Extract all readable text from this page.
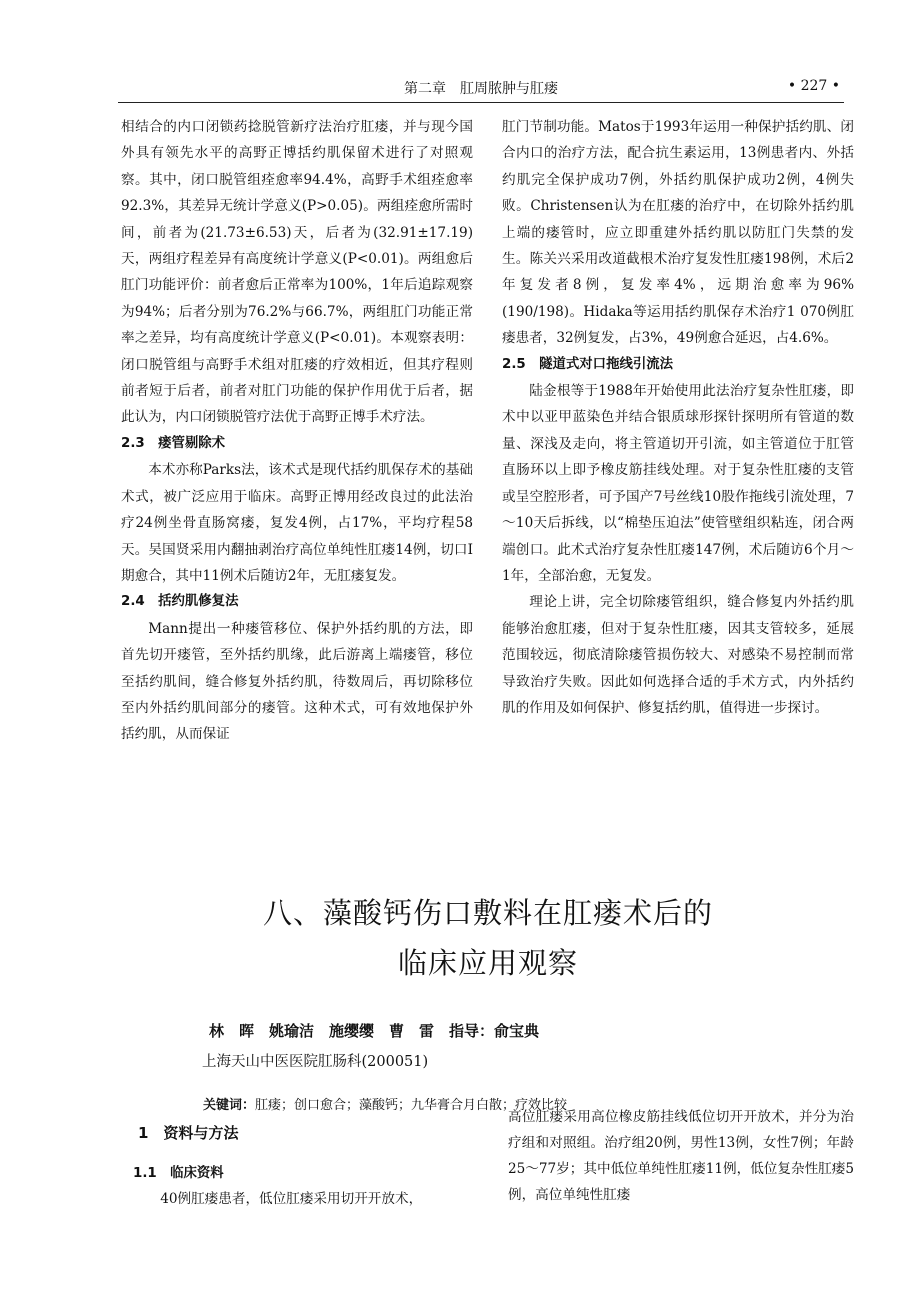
第二章　肛周脓肿与肛瘘	• 227 •

相结合的内口闭锁药捻脱管新疗法治疗肛瘘，并与现今国外具有领先水平的高野正博括约肌保留术进行了对照观察。其中，闭口脱管组痊愈率94.4%，高野手术组痊愈率92.3%，其差异无统计学意义(P>0.05)。两组痊愈所需时间，前者为(21.73±6.53)天，后者为(32.91±17.19)天，两组疗程差异有高度统计学意义(P<0.01)。两组愈后肛门功能评价：前者愈后正常率为100%，1年后追踪观察为94%；后者分别为76.2%与66.7%，两组肛门功能正常率之差异，均有高度统计学意义(P<0.01)。本观察表明：闭口脱管组与高野手术组对肛瘘的疗效相近，但其疗程则前者短于后者，前者对肛门功能的保护作用优于后者，据此认为，内口闭锁脱管疗法优于高野正博手术疗法。

2.3　瘘管剔除术

本术亦称Parks法，该术式是现代括约肌保存术的基础术式，被广泛应用于临床。高野正博用经改良过的此法治疗24例坐骨直肠窝瘘，复发4例，占17%，平均疗程58天。吴国贤采用内翻抽剥治疗高位单纯性肛瘘14例，切口Ⅰ期愈合，其中11例术后随访2年，无肛瘘复发。

2.4　括约肌修复法

Mann提出一种瘘管移位、保护外括约肌的方法，即首先切开瘘管，至外括约肌缘，此后游离上端瘘管，移位至括约肌间，缝合修复外括约肌，待数周后，再切除移位至内外括约肌间部分的瘘管。这种术式，可有效地保护外括约肌，从而保证

肛门节制功能。Matos于1993年运用一种保护括约肌、闭合内口的治疗方法，配合抗生素运用，13例患者内、外括约肌完全保护成功7例，外括约肌保护成功2例，4例失败。Christensen认为在肛瘘的治疗中，在切除外括约肌上端的瘘管时，应立即重建外括约肌以防肛门失禁的发生。陈关兴采用改道截根术治疗复发性肛瘘198例，术后2年复发者8例，复发率4%，远期治愈率为96%(190/198)。Hidaka等运用括约肌保存术治疗1 070例肛瘘患者，32例复发，占3%，49例愈合延迟，占4.6%。

2.5　隧道式对口拖线引流法

陆金根等于1988年开始使用此法治疗复杂性肛瘘，即术中以亚甲蓝染色并结合银质球形探针探明所有管道的数量、深浅及走向，将主管道切开引流，如主管道位于肛管直肠环以上即予橡皮筋挂线处理。对于复杂性肛瘘的支管或呈空腔形者，可予国产7号丝线10股作拖线引流处理，7～10天后拆线，以“棉垫压迫法”使管壁组织粘连，闭合两端创口。此术式治疗复杂性肛瘘147例，术后随访6个月～1年，全部治愈，无复发。

理论上讲，完全切除瘘管组织，缝合修复内外括约肌能够治愈肛瘘，但对于复杂性肛瘘，因其支管较多，延展范围较远，彻底清除瘘管损伤较大、对感染不易控制而常导致治疗失败。因此如何选择合适的手术方式，内外括约肌的作用及如何保护、修复括约肌，值得进一步探讨。

八、藻酸钙伤口敷料在肛瘘术后的
临床应用观察
林　晖　姚瑜洁　施缨缨　曹　雷　指导：俞宝典
上海天山中医医院肛肠科(200051)
关键词：肛瘘；创口愈合；藻酸钙；九华膏合月白散；疗效比较
1　资料与方法
1.1　临床资料

40例肛瘘患者，低位肛瘘采用切开开放术，

高位肛瘘采用高位橡皮筋挂线低位切开开放术，并分为治疗组和对照组。治疗组20例，男性13例，女性7例；年龄25～77岁；其中低位单纯性肛瘘11例，低位复杂性肛瘘5例，高位单纯性肛瘘
